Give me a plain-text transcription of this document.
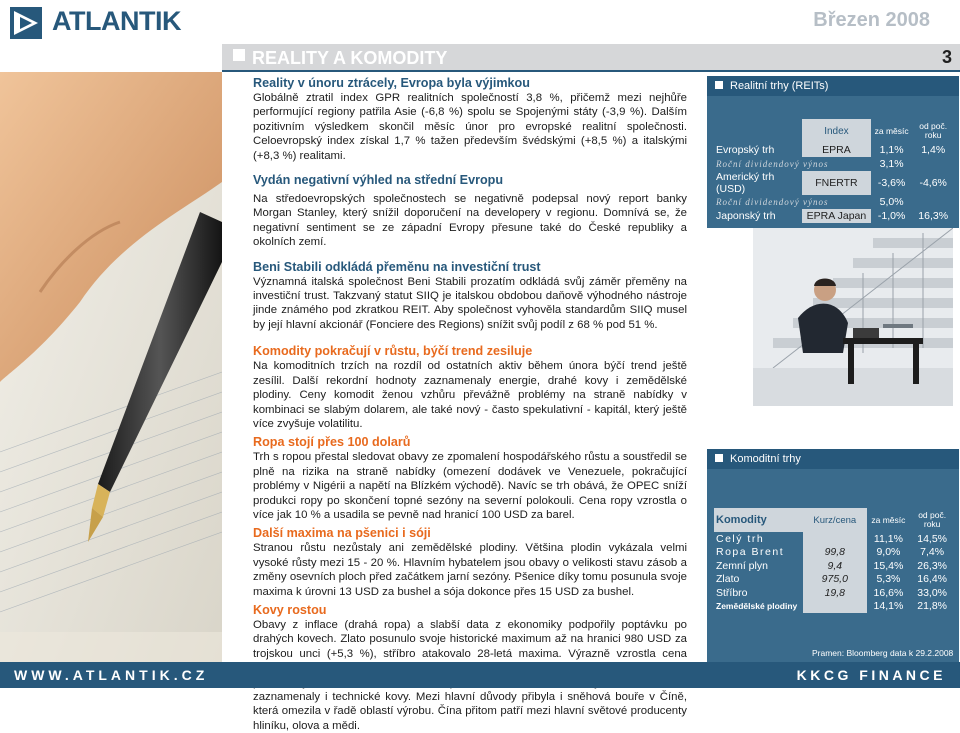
ATLANTIK	Březen 2008
REALITY A KOMODITY	3
Reality v únoru ztrácely, Evropa byla výjimkou

Globálně ztratil index GPR realitních společností 3,8 %, přičemž mezi nejhůře performující regiony patřila Asie (-6,8 %) spolu se Spojenými státy (-3,9 %). Dalším pozitivním výsledkem skončil měsíc únor pro evropské realitní společnosti. Celoevropský index získal 1,7 % tažen především švédskými (+8,5 %) a italskými (+8,3 %) realitami.

Vydán negativní výhled na střední Evropu

Na středoevropských společnostech se negativně podepsal nový report banky Morgan Stanley, který snížil doporučení na developery v regionu. Domnívá se, že negativní sentiment se ze západní Evropy přesune také do České republiky a okolních zemí.

Beni Stabili odkládá přeměnu na investiční trust

Významná italská společnost Beni Stabili prozatím odkládá svůj záměr přeměny na investiční trust. Takzvaný statut SIIQ je italskou obdobou daňově výhodného nástroje jinde známého pod zkratkou REIT. Aby společnost vyhověla standardům SIIQ musel by její hlavní akcionář (Fonciere des Regions) snížit svůj podíl z 68 % pod 51 %.

Komodity pokračují v růstu, býčí trend zesiluje

Na komoditních trzích na rozdíl od ostatních aktiv během února býčí trend ještě zesílil. Další rekordní hodnoty zaznamenaly energie, drahé kovy i zemědělské plodiny. Ceny komodit ženou vzhůru převážně problémy na straně nabídky v kombinaci se slabým dolarem, ale také nový - často spekulativní - kapitál, který ještě více zvyšuje volatilitu.

Ropa stojí přes 100 dolarů

Trh s ropou přestal sledovat obavy ze zpomalení hospodářského růstu a soustředil se plně na rizika na straně nabídky (omezení dodávek ve Venezuele, pokračující problémy v Nigérii a napětí na Blízkém východě). Navíc se trh obává, že OPEC sníží produkci ropy po skončení topné sezóny na severní polokouli. Cena ropy vzrostla o více jak 10 % a usadila se pevně nad hranicí 100 USD za barel.

Další maxima na pšenici i sóji

Stranou růstu nezůstaly ani zemědělské plodiny. Většina plodin vykázala velmi vysoké růsty mezi 15 - 20 %. Hlavním hybatelem jsou obavy o velikosti stavu zásob a změny osevních ploch před začátkem jarní sezóny. Pšenice díky tomu posunula svoje maxima k úrovni 13 USD za bushel a sója dokonce přes 15 USD za bushel.

Kovy rostou

Obavy z inflace (drahá ropa) a slabší data z ekonomiky podpořily poptávku po drahých kovech. Zlato posunulo svoje historické maximum až na hranici 980 USD za trojskou unci (+5,3 %), stříbro atakovalo 28-letá maxima. Výrazně vzrostla cena zaznamenaly i technické kovy. Mezi hlavní důvody přibyla i sněhová bouře v Číně, která omezila v řadě oblastí výrobu. Čína přitom patří mezi hlavní světové producenty hliníku, olova a mědi.

Realitní trhy (REITs)
	Index	za měsíc	od poč. roku
Evropský trh	EPRA	1,1%	1,4%
Roční dividendový výnos		3,1%	
Americký trh (USD)	FNERTR	-3,6%	-4,6%
Roční dividendový výnos		5,0%	
Japonský trh	EPRA Japan	-1,0%	16,3%
Komoditní trhy
Komodity	Kurz/cena	za měsíc	od poč. roku
Celý trh		11,1%	14,5%
Ropa Brent	99,8	9,0%	7,4%
Zemní plyn	9,4	15,4%	26,3%
Zlato	975,0	5,3%	16,4%
Stříbro	19,8	16,6%	33,0%
Zemědělské plodiny		14,1%	21,8%
Pramen: Bloomberg data k 29.2.2008
WWW.ATLANTIK.CZ	KKCG FINANCE
